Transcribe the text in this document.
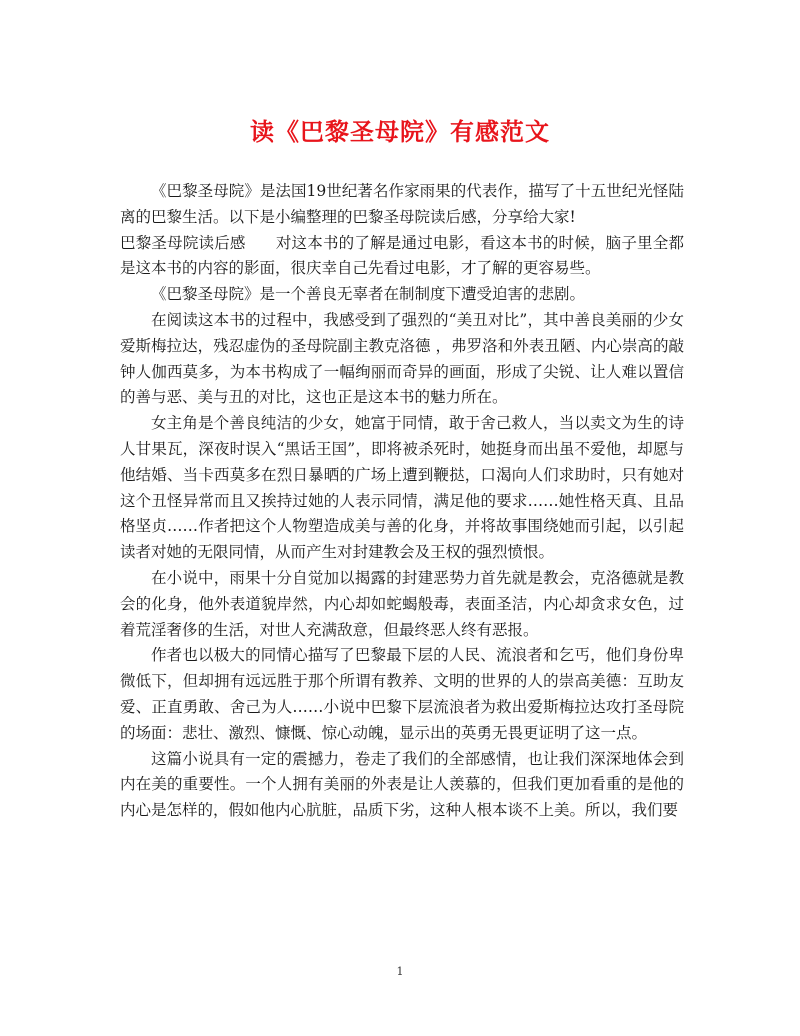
读《巴黎圣母院》有感范文

《巴黎圣母院》是法国19世纪著名作家雨果的代表作，描写了十五世纪光怪陆离的巴黎生活。以下是小编整理的巴黎圣母院读后感，分享给大家!

巴黎圣母院读后感 对这本书的了解是通过电影，看这本书的时候，脑子里全都是这本书的内容的影面，很庆幸自己先看过电影，才了解的更容易些。

《巴黎圣母院》是一个善良无辜者在制制度下遭受迫害的悲剧。

在阅读这本书的过程中，我感受到了强烈的“美丑对比”，其中善良美丽的少女爱斯梅拉达，残忍虚伪的圣母院副主教克洛德 ，弗罗洛和外表丑陋、内心崇高的敲钟人伽西莫多，为本书构成了一幅绚丽而奇异的画面，形成了尖锐、让人难以置信的善与恶、美与丑的对比，这也正是这本书的魅力所在。

女主角是个善良纯洁的少女，她富于同情，敢于舍己救人，当以卖文为生的诗人甘果瓦，深夜时误入“黑话王国”，即将被杀死时，她挺身而出虽不爱他，却愿与他结婚、当卡西莫多在烈日暴晒的广场上遭到鞭挞，口渴向人们求助时，只有她对这个丑怪异常而且又挨持过她的人表示同情，满足他的要求……她性格天真、且品格坚贞……作者把这个人物塑造成美与善的化身，并将故事围绕她而引起，以引起读者对她的无限同情，从而产生对封建教会及王权的强烈愤恨。

在小说中，雨果十分自觉加以揭露的封建恶势力首先就是教会，克洛德就是教会的化身，他外表道貌岸然，内心却如蛇蝎般毒，表面圣洁，内心却贪求女色，过着荒淫奢侈的生活，对世人充满敌意，但最终恶人终有恶报。

作者也以极大的同情心描写了巴黎最下层的人民、流浪者和乞丐，他们身份卑微低下，但却拥有远远胜于那个所谓有教养、文明的世界的人的崇高美德：互助友爱、正直勇敢、舍己为人……小说中巴黎下层流浪者为救出爱斯梅拉达攻打圣母院的场面：悲壮、激烈、慷慨、惊心动魄，显示出的英勇无畏更证明了这一点。

这篇小说具有一定的震撼力，卷走了我们的全部感情，也让我们深深地体会到内在美的重要性。一个人拥有美丽的外表是让人羡慕的，但我们更加看重的是他的内心是怎样的，假如他内心肮脏，品质下劣，这种人根本谈不上美。所以，我们要

1
